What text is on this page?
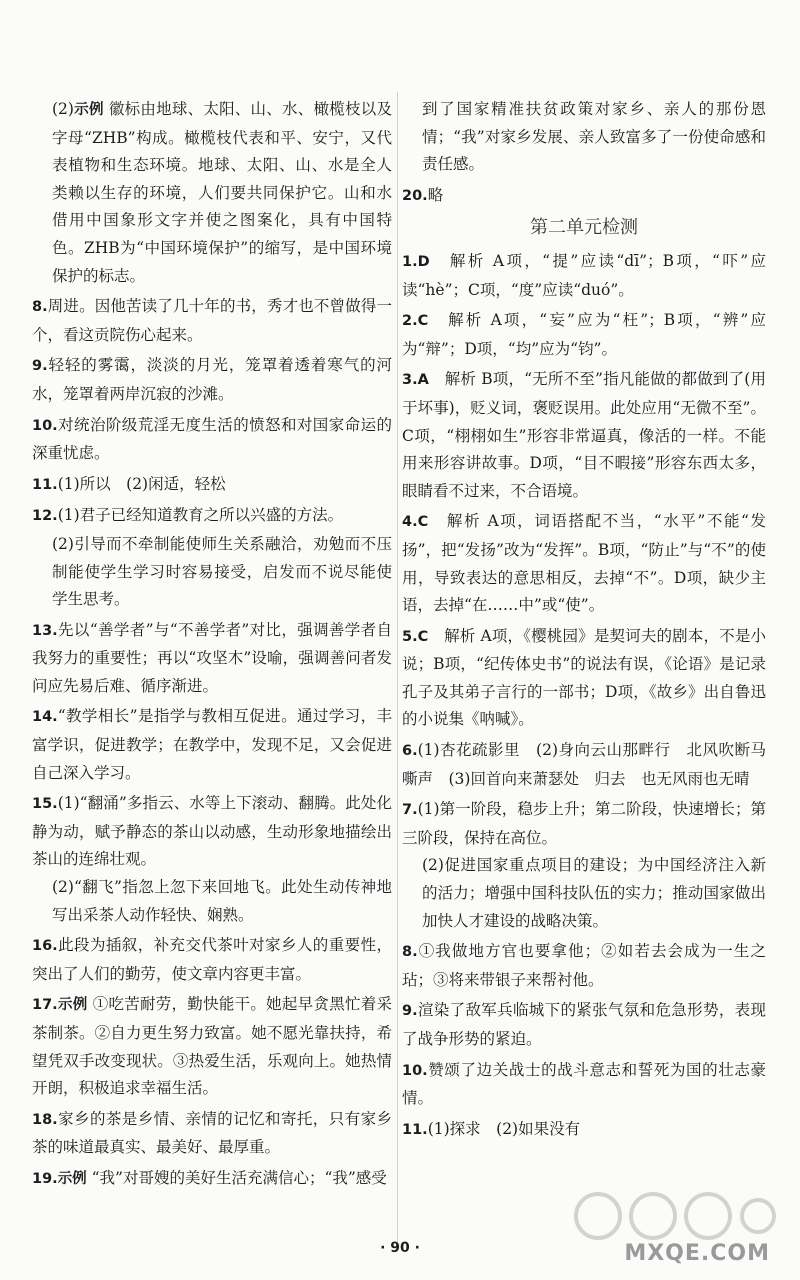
(2)示例 徽标由地球、太阳、山、水、橄榄枝以及字母“ZHB”构成。橄榄枝代表和平、安宁，又代表植物和生态环境。地球、太阳、山、水是全人类赖以生存的环境，人们要共同保护它。山和水借用中国象形文字并使之图案化，具有中国特色。ZHB为“中国环境保护”的缩写，是中国环境保护的标志。

8.周进。因他苦读了几十年的书，秀才也不曾做得一个，看这贡院伤心起来。

9.轻轻的雾霭，淡淡的月光，笼罩着透着寒气的河水，笼罩着两岸沉寂的沙滩。

10.对统治阶级荒淫无度生活的愤怒和对国家命运的深重忧虑。

11.(1)所以　(2)闲适，轻松

12.(1)君子已经知道教育之所以兴盛的方法。
(2)引导而不牵制能使师生关系融洽，劝勉而不压制能使学生学习时容易接受，启发而不说尽能使学生思考。

13.先以“善学者”与“不善学者”对比，强调善学者自我努力的重要性；再以“攻坚木”设喻，强调善问者发问应先易后难、循序渐进。

14.“教学相长”是指学与教相互促进。通过学习，丰富学识，促进教学；在教学中，发现不足，又会促进自己深入学习。

15.(1)“翻涌”多指云、水等上下滚动、翻腾。此处化静为动，赋予静态的茶山以动感，生动形象地描绘出茶山的连绵壮观。
(2)“翻飞”指忽上忽下来回地飞。此处生动传神地写出采茶人动作轻快、娴熟。

16.此段为插叙，补充交代茶叶对家乡人的重要性，突出了人们的勤劳，使文章内容更丰富。

17.示例 ①吃苦耐劳，勤快能干。她起早贪黑忙着采茶制茶。②自力更生努力致富。她不愿光靠扶持，希望凭双手改变现状。③热爱生活，乐观向上。她热情开朗，积极追求幸福生活。

18.家乡的茶是乡情、亲情的记忆和寄托，只有家乡茶的味道最真实、最美好、最厚重。

19.示例 “我”对哥嫂的美好生活充满信心；“我”感受

到了国家精准扶贫政策对家乡、亲人的那份恩情；“我”对家乡发展、亲人致富多了一份使命感和责任感。

20.略

第二单元检测

1.D　解析 A项，“提”应读“dī”；B项，“吓”应读“hè”；C项，“度”应读“duó”。

2.C　解析 A项，“妄”应为“枉”；B项，“辨”应为“辩”；D项，“均”应为“钧”。

3.A　解析 B项，“无所不至”指凡能做的都做到了(用于坏事)，贬义词，褒贬误用。此处应用“无微不至”。C项，“栩栩如生”形容非常逼真，像活的一样。不能用来形容讲故事。D项，“目不暇接”形容东西太多，眼睛看不过来，不合语境。

4.C　解析 A项，词语搭配不当，“水平”不能“发扬”，把“发扬”改为“发挥”。B项，“防止”与“不”的使用，导致表达的意思相反，去掉“不”。D项，缺少主语，去掉“在……中”或“使”。

5.C　解析 A项，《樱桃园》是契诃夫的剧本，不是小说；B项，“纪传体史书”的说法有误，《论语》是记录孔子及其弟子言行的一部书；D项，《故乡》出自鲁迅的小说集《呐喊》。

6.(1)杏花疏影里　(2)身向云山那畔行　北风吹断马嘶声　(3)回首向来萧瑟处　归去　也无风雨也无晴

7.(1)第一阶段，稳步上升；第二阶段，快速增长；第三阶段，保持在高位。
(2)促进国家重点项目的建设；为中国经济注入新的活力；增强中国科技队伍的实力；推动国家做出加快人才建设的战略决策。

8.①我做地方官也要拿他；②如若去会成为一生之玷；③将来带银子来帮衬他。

9.渲染了敌军兵临城下的紧张气氛和危急形势，表现了战争形势的紧迫。

10.赞颂了边关战士的战斗意志和誓死为国的壮志豪情。

11.(1)探求　(2)如果没有

· 90 ·	MXQE.COM
